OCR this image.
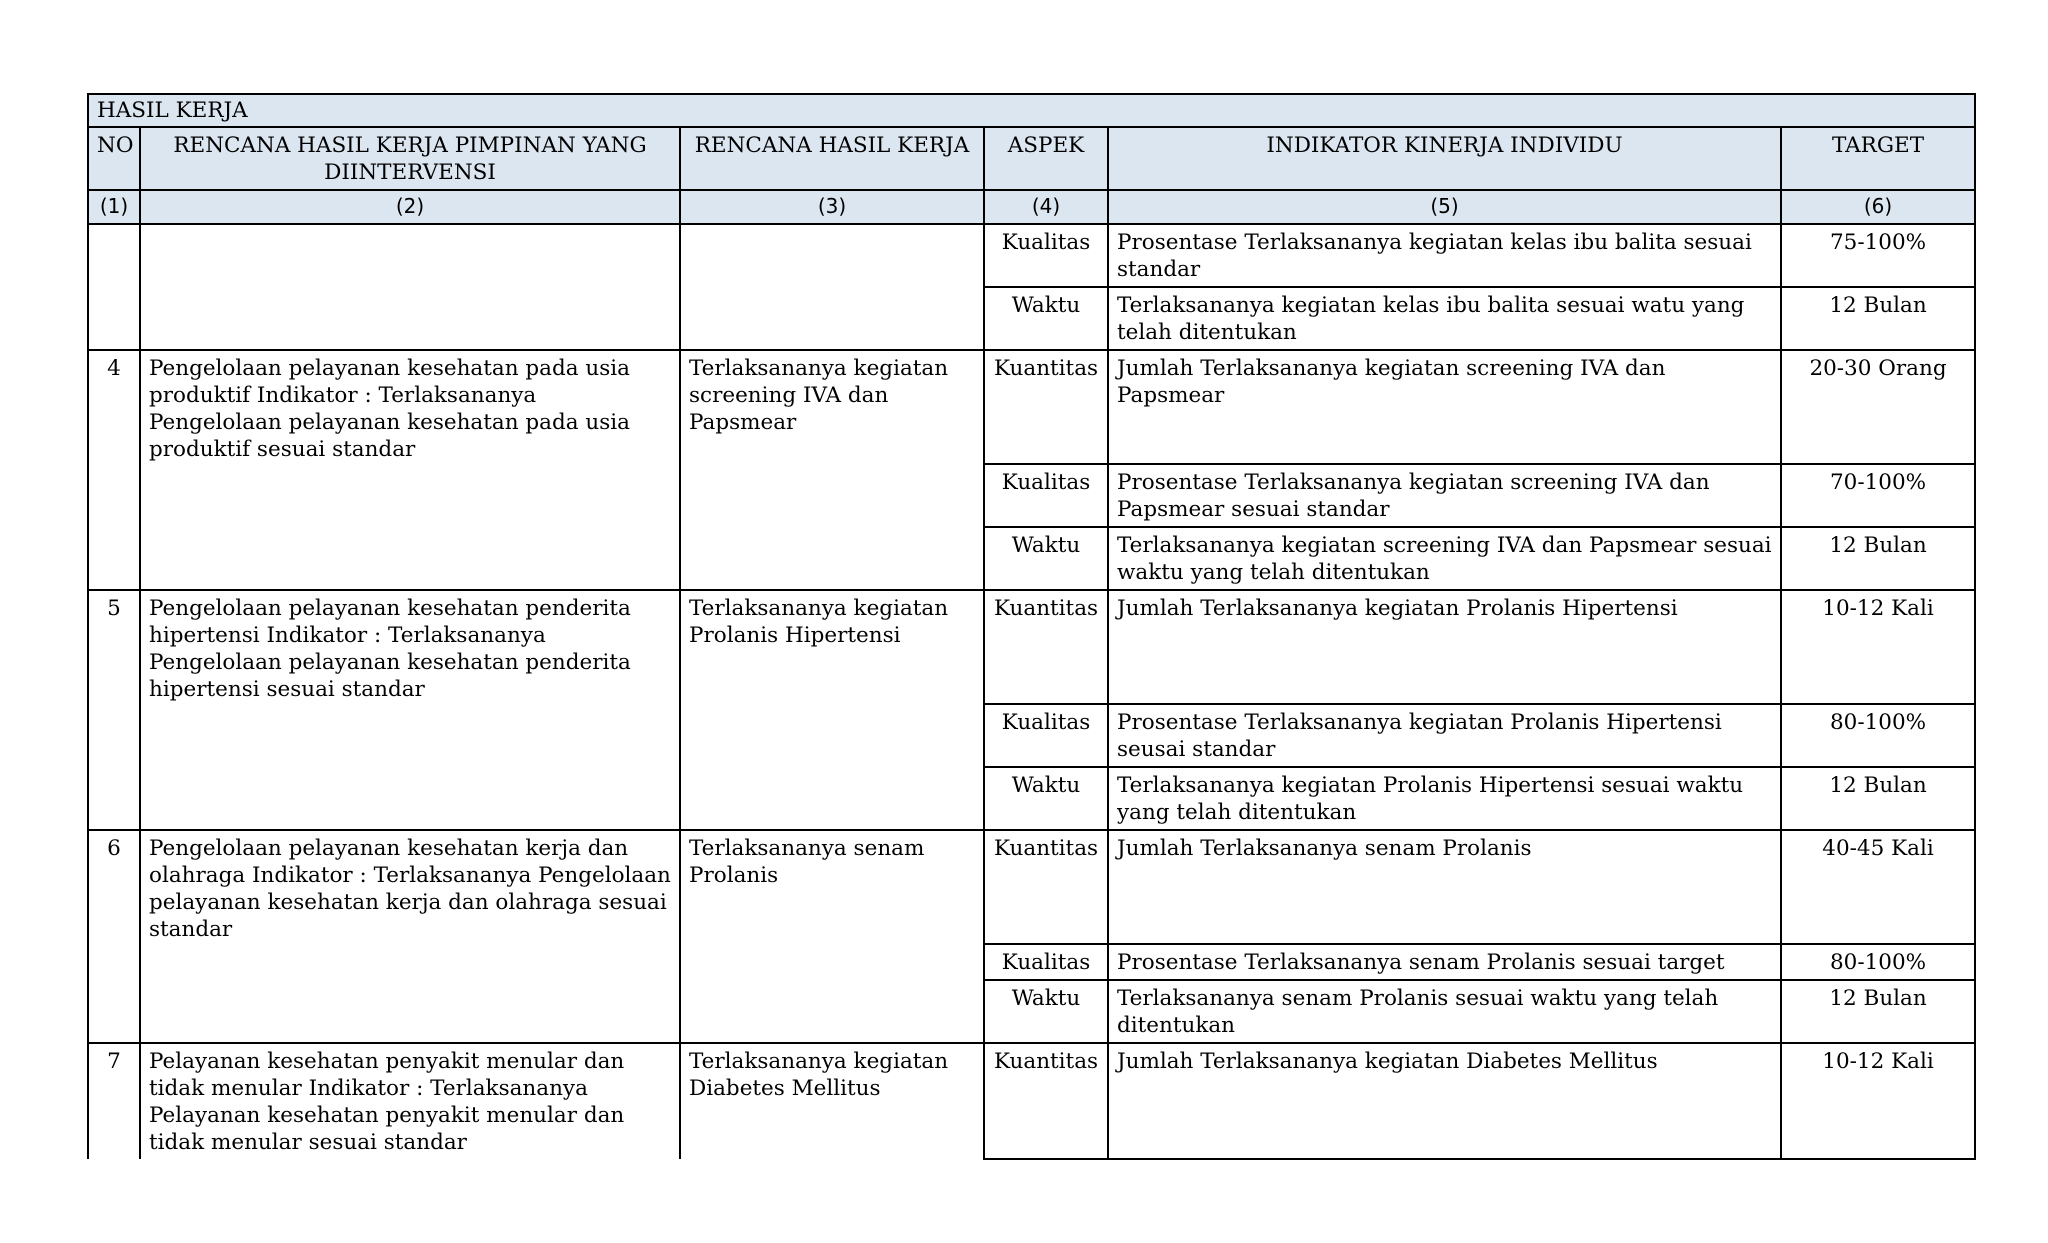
HASIL KERJA					
NO	RENCANA HASIL KERJA PIMPINAN YANG DIINTERVENSI	RENCANA HASIL KERJA	ASPEK	INDIKATOR KINERJA INDIVIDU	TARGET
(1)	(2)	(3)	(4)	(5)	(6)
			Kualitas	Prosentase Terlaksananya kegiatan kelas ibu balita sesuai standar	75-100%
			Waktu	Terlaksananya kegiatan kelas ibu balita sesuai watu yang telah ditentukan	12 Bulan
4	Pengelolaan pelayanan kesehatan pada usia produktif Indikator : Terlaksananya Pengelolaan pelayanan kesehatan pada usia produktif sesuai standar	Terlaksananya kegiatan screening IVA dan Papsmear	Kuantitas	Jumlah Terlaksananya kegiatan screening IVA dan Papsmear	20-30 Orang
			Kualitas	Prosentase Terlaksananya kegiatan screening IVA dan Papsmear sesuai standar	70-100%
			Waktu	Terlaksananya kegiatan screening IVA dan Papsmear sesuai waktu yang telah ditentukan	12 Bulan
5	Pengelolaan pelayanan kesehatan penderita hipertensi Indikator : Terlaksananya Pengelolaan pelayanan kesehatan penderita hipertensi sesuai standar	Terlaksananya kegiatan Prolanis Hipertensi	Kuantitas	Jumlah Terlaksananya kegiatan Prolanis Hipertensi	10-12 Kali
			Kualitas	Prosentase Terlaksananya kegiatan Prolanis Hipertensi seusai standar	80-100%
			Waktu	Terlaksananya kegiatan Prolanis Hipertensi sesuai waktu yang telah ditentukan	12 Bulan
6	Pengelolaan pelayanan kesehatan kerja dan olahraga Indikator : Terlaksananya Pengelolaan pelayanan kesehatan kerja dan olahraga sesuai standar	Terlaksananya senam Prolanis	Kuantitas	Jumlah Terlaksananya senam Prolanis	40-45 Kali
			Kualitas	Prosentase Terlaksananya senam Prolanis sesuai target	80-100%
			Waktu	Terlaksananya senam Prolanis sesuai waktu yang telah ditentukan	12 Bulan
7	Pelayanan kesehatan penyakit menular dan tidak menular Indikator : Terlaksananya Pelayanan kesehatan penyakit menular dan tidak menular sesuai standar	Terlaksananya kegiatan Diabetes Mellitus	Kuantitas	Jumlah Terlaksananya kegiatan Diabetes Mellitus	10-12 Kali
